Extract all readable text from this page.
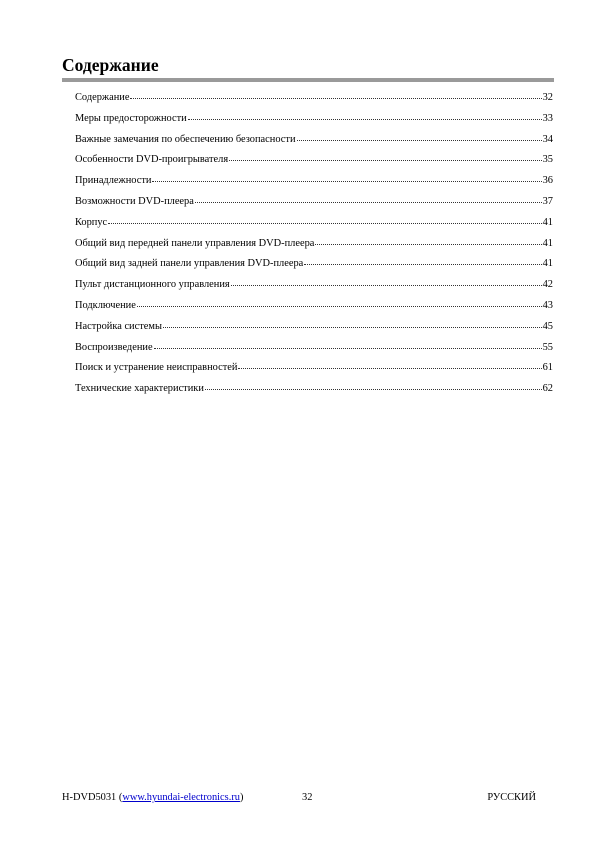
Содержание
Содержание	32
Меры предосторожности	33
Важные замечания по обеспечению безопасности	34
Особенности DVD-проигрывателя	35
Принадлежности	36
Возможности DVD-плеера	37
Корпус	41
Общий вид передней панели управления DVD-плеера	41
Общий вид задней панели управления DVD-плеера	41
Пульт дистанционного управления	42
Подключение	43
Настройка системы	45
Воспроизведение	55
Поиск и устранение неисправностей	61
Технические характеристики	62
H-DVD5031 (www.hyundai-electronics.ru)	32	РУССКИЙ
